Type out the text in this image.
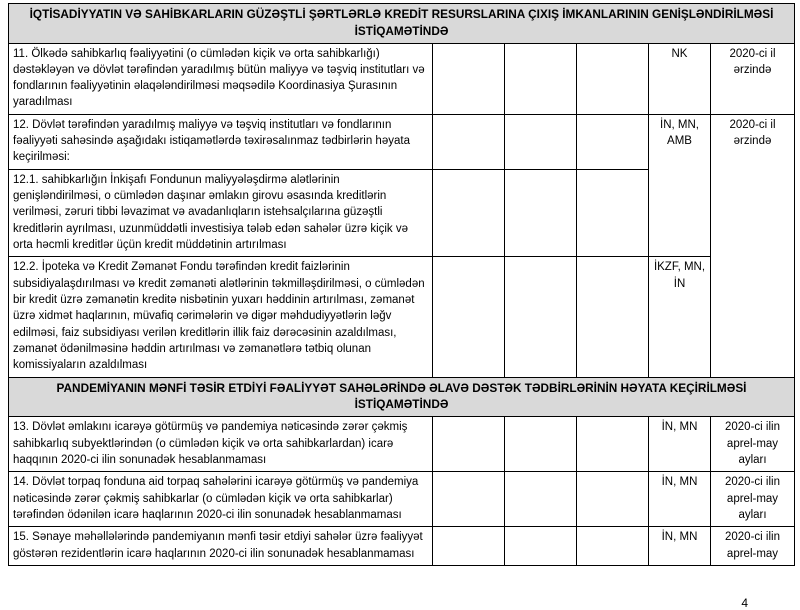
İQTİSADİYYATIN VƏ SAHİBKARLARIN GÜZƏŞTLİ ŞƏRTLƏRLƏ KREDİT RESURSLARINA ÇIXIŞ İMKANLARININ GENİŞLƏNDİRİLMƏSİ İSTİQAMƏTİNDƏ					
11. Ölkədə sahibkarlıq fəaliyyətini (o cümlədən kiçik və orta sahibkarlığı) dəstəkləyən və dövlət tərəfindən yaradılmış bütün maliyyə və təşviq institutları və fondlarının fəaliyyətinin əlaqələndirilməsi məqsədilə Koordinasiya Şurasının yaradılması				NK	2020-ci il ərzində
12. Dövlət tərəfindən yaradılmış maliyyə və təşviq institutları və fondlarının fəaliyyəti sahəsində aşağıdakı istiqamətlərdə təxirəsalınmaz tədbirlərin həyata keçirilməsi:				İN, MN, AMB	2020-ci il ərzində
12.1. sahibkarlığın İnkişafı Fondunun maliyyələşdirmə alətlərinin genişləndirilməsi, o cümlədən daşınar əmlakın girovu əsasında kreditlərin verilməsi, zəruri tibbi ləvazimat və avadanlıqların istehsalçılarına güzəştli kreditlərin ayrılması, uzunmüddətli investisiya tələb edən sahələr üzrə kiçik və orta həcmli kreditlər üçün kredit müddətinin artırılması					
12.2. İpoteka və Kredit Zəmanət Fondu tərəfindən kredit faizlərinin subsidiyalaşdırılması və kredit zəmanəti alətlərinin təkmilləşdirilməsi, o cümlədən bir kredit üzrə zəmanətin kreditə nisbətinin yuxarı həddinin artırılması, zəmanət üzrə xidmət haqlarının, müvafiq cərimələrin və digər məhdudiyyətlərin ləğv edilməsi, faiz subsidiyası verilən kreditlərin illik faiz dərəcəsinin azaldılması, zəmanət ödənilməsinə həddin artırılması və zəmanətlərə tətbiq olunan komissiyaların azaldılması				İKZF, MN, İN	
PANDEMİYANIN MƏNFİ TƏSİR ETDİYİ FƏALİYYƏT SAHƏLƏRİNDƏ ƏLAVƏ DƏSTƏK TƏDBİRLƏRİNİN HƏYATA KEÇİRİLMƏSİ İSTİQAMƏTİNDƏ					
13. Dövlət əmlakını icarəyə götürmüş və pandemiya nəticəsində zərər çəkmiş sahibkarlıq subyektlərindən (o cümlədən kiçik və orta sahibkarlardan) icarə haqqının 2020-ci ilin sonunadək hesablanmaması				İN, MN	2020-ci ilin aprel-may ayları
14. Dövlət torpaq fonduna aid torpaq sahələrini icarəyə götürmüş və pandemiya nəticəsində zərər çəkmiş sahibkarlar (o cümlədən kiçik və orta sahibkarlar) tərəfindən ödənilən icarə haqlarının 2020-ci ilin sonunadək hesablanmaması				İN, MN	2020-ci ilin aprel-may ayları
15. Sənaye məhəllələrində pandemiyanın mənfi təsir etdiyi sahələr üzrə fəaliyyət göstərən rezidentlərin icarə haqlarının 2020-ci ilin sonunadək hesablanmaması				İN, MN	2020-ci ilin aprel-may
4
